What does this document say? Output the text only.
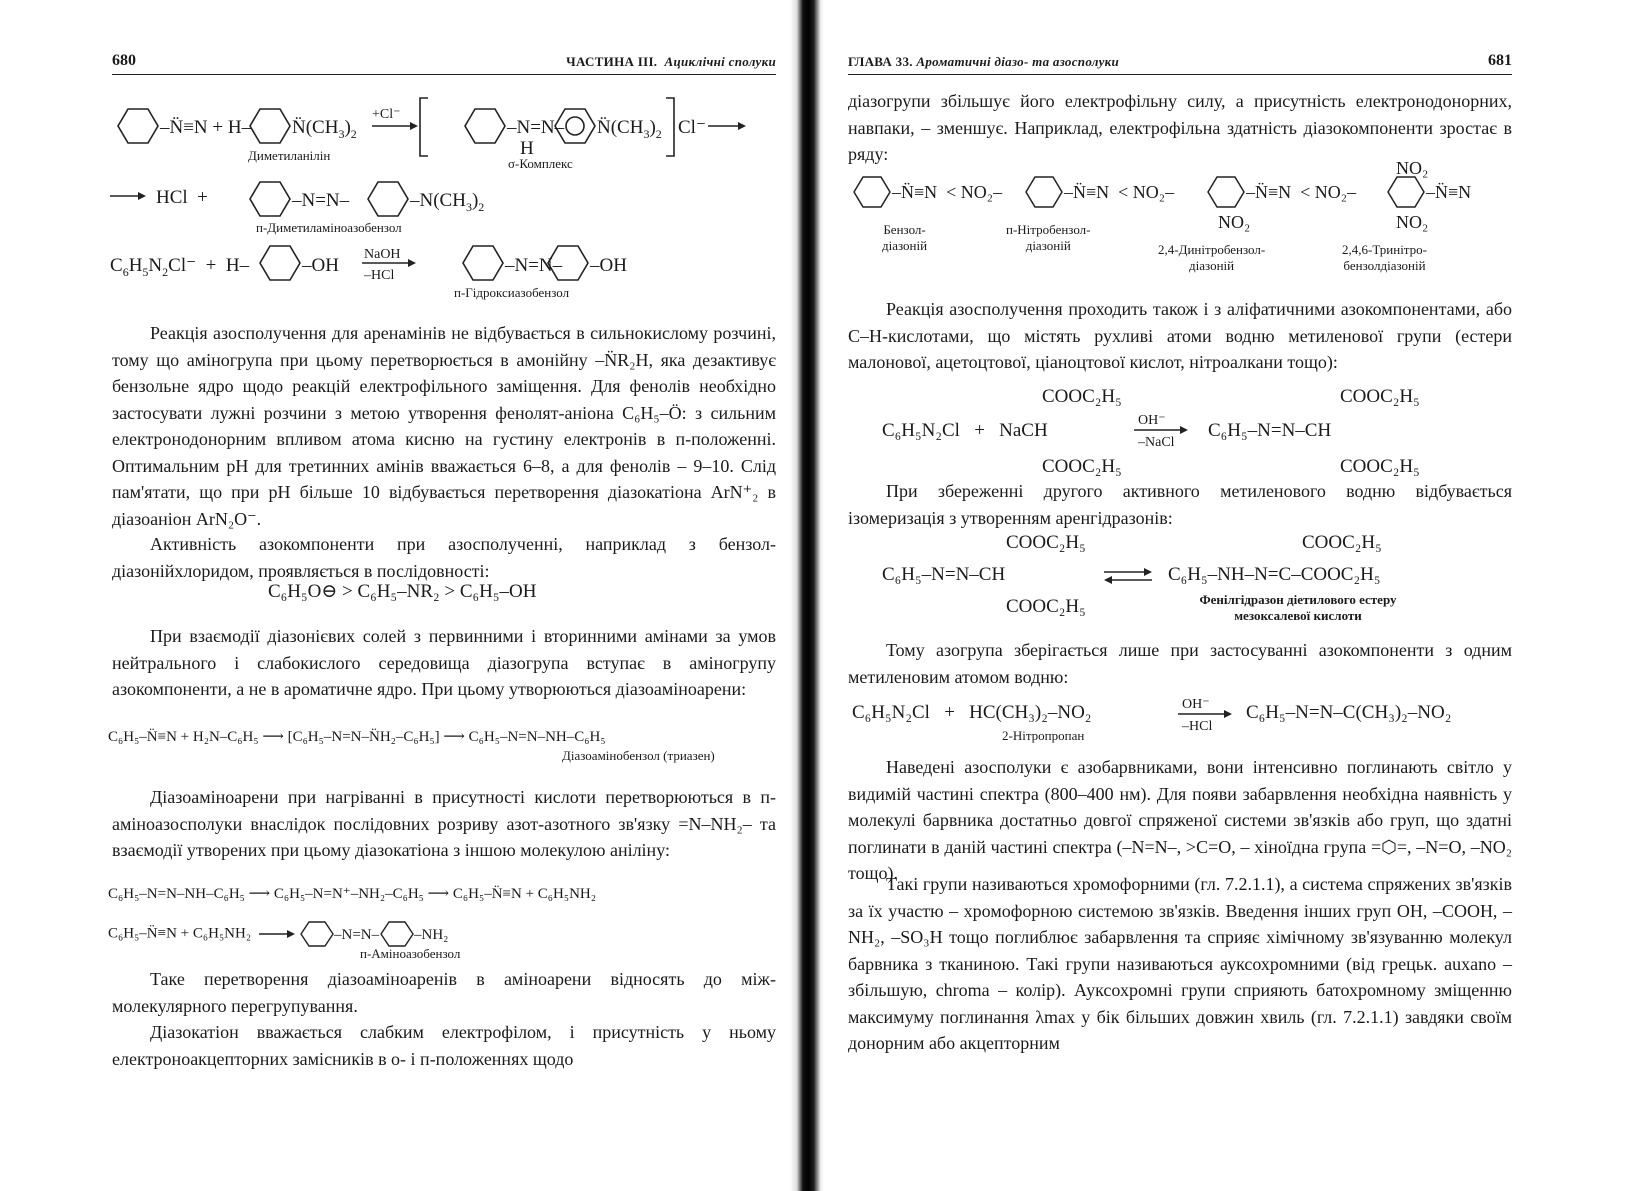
680	ЧАСТИНА ІІІ. Ациклічні сполуки
–N̈≡N + H– $N̈(CH_3)_2$
+Cl⁻
–N=N–
H
$N̈(CH_3)_2$ Cl⁻
HCl  +	–N=N–	$-N(CH_3)_2$
$C_6H_5N_2Cl^- + H-$	–OH
NaOH
–HCl	–N=N– –OH
Диметиланілін
σ-Комплекс
п-Диметиламіноазобензол
п-Гідроксиазобензол
Реакція азосполучення для аренамінів не відбувається в сильнокислому розчині, тому що аміногрупа при цьому перетворюється в амонійну –N̈R₂H, яка дезактивує бензольне ядро щодо реакцій електрофільного заміщення. Для фенолів необхідно застосувати лужні розчини з метою утворення фенолят-аніона C₆H₅–Ö: з сильним електронодонорним впливом атома кисню на густину електронів в п-положенні. Оптимальним рН для третинних амінів вважається 6–8, а для фенолів – 9–10. Слід пам'ятати, що при рН більше 10 відбувається перетворення діазокатіона ArN⁺₂ в діазоаніон ArN₂O⁻.
Активність азокомпоненти при азосполученні, наприклад з бензолдіазонійхлоридом, проявляється в послідовності:
C₆H₅O⊖ > C₆H₅–NR₂ > C₆H₅–OH
При взаємодії діазонієвих солей з первинними і вторинними амінами за умов нейтрального і слабокислого середовища діазогрупа вступає в аміногрупу азокомпоненти, а не в ароматичне ядро. При цьому утворюються діазоаміноарени:
C₆H₅–N̈≡N + H₂N–C₆H₅ ⟶ [C₆H₅–N=N–N̈H₂–C₆H₅] ⟶ C₆H₅–N=N–NH–C₆H₅
Діазоамінобензол (триазен)
Діазоаміноарени при нагріванні в присутності кислоти перетворюються в п-аміноазосполуки внаслідок послідовних розриву азот-азотного зв'язку =N–NH₂– та взаємодії утворених при цьому діазокатіона з іншою молекулою аніліну:
C₆H₅–N=N–NH–C₆H₅ ⟶ C₆H₅–N=N⁺–NH₂–C₆H₅ ⟶ C₆H₅–N̈≡N + C₆H₅NH₂
C₆H₅–N̈≡N + C₆H₅NH₂	–N=N– –NH₂
п-Аміноазобензол
Таке перетворення діазоаміноаренів в аміноарени відносять до міжмолекулярного перегрупування.
Діазокатіон вважається слабким електрофілом, і присутність у ньому електроноакцепторних замісників в о- і п-положеннях щодо
ГЛАВА 33. Ароматичні діазо- та азосполуки	681
діазогрупи збільшує його електрофільну силу, а присутність електронодонорних, навпаки, – зменшує. Наприклад, електрофільна здатність діазокомпоненти зростає в ряду:
–N̈≡N  < NO₂–	–N̈≡N  < NO₂–	–N̈≡N  < NO₂–	–N̈≡N
NO₂
NO₂
NO₂
Бензол-
діазоній
п-Нітробензол-
діазоній	2,4-Динітробензол-
діазоній
2,4,6-Тринітро-
бензолдіазоній
Реакція азосполучення проходить також і з аліфатичними азокомпонентами, або С–Н-кислотами, що містять рухливі атоми водню метиленової групи (естери малонової, ацетоцтової, ціаноцтової кислот, нітроалкани тощо):
COOC₂H₅
C₆H₅N₂Cl   +   NaCH
COOC₂H₅
OH⁻
–NaCl
C₆H₅–N=N–CH
COOC₂H₅
COOC₂H₅
При збереженні другого активного метиленового водню відбувається ізомеризація з утворенням аренгідразонів:
COOC₂H₅
C₆H₅–N=N–CH
COOC₂H₅
C₆H₅–NH–N=C–COOC₂H₅
COOC₂H₅
Фенілгідразон діетилового естеру мезоксалевої кислоти
Тому азогрупа зберігається лише при застосуванні азокомпоненти з одним метиленовим атомом водню:
C₆H₅N₂Cl   +   HC(CH₃)₂–NO₂	OH⁻
–HCl
C₆H₅–N=N–C(CH₃)₂–NO₂
2-Нітропропан
Наведені азосполуки є азобарвниками, вони інтенсивно поглинають світло у видимій частині спектра (800–400 нм). Для появи забарвлення необхідна наявність у молекулі барвника достатньо довгої спряженої системи зв'язків або груп, що здатні поглинати в даній частині спектра (–N=N–, >C=O, – хіноїдна група =⬡=, –N=O, –NO₂ тощо).
Такі групи називаються хромофорними (гл. 7.2.1.1), а система спряжених зв'язків за їх участю – хромофорною системою зв'язків. Введення інших груп OH, –COOH, –NH₂, –SO₃H тощо поглиблює забарвлення та сприяє хімічному зв'язуванню молекул барвника з тканиною. Такі групи називаються ауксохромними (від грецьк. auxano – збільшую, chroma – колір). Ауксохромні групи сприяють батохромному зміщенню максимуму поглинання λmax у бік більших довжин хвиль (гл. 7.2.1.1) завдяки своїм донорним або акцепторним
